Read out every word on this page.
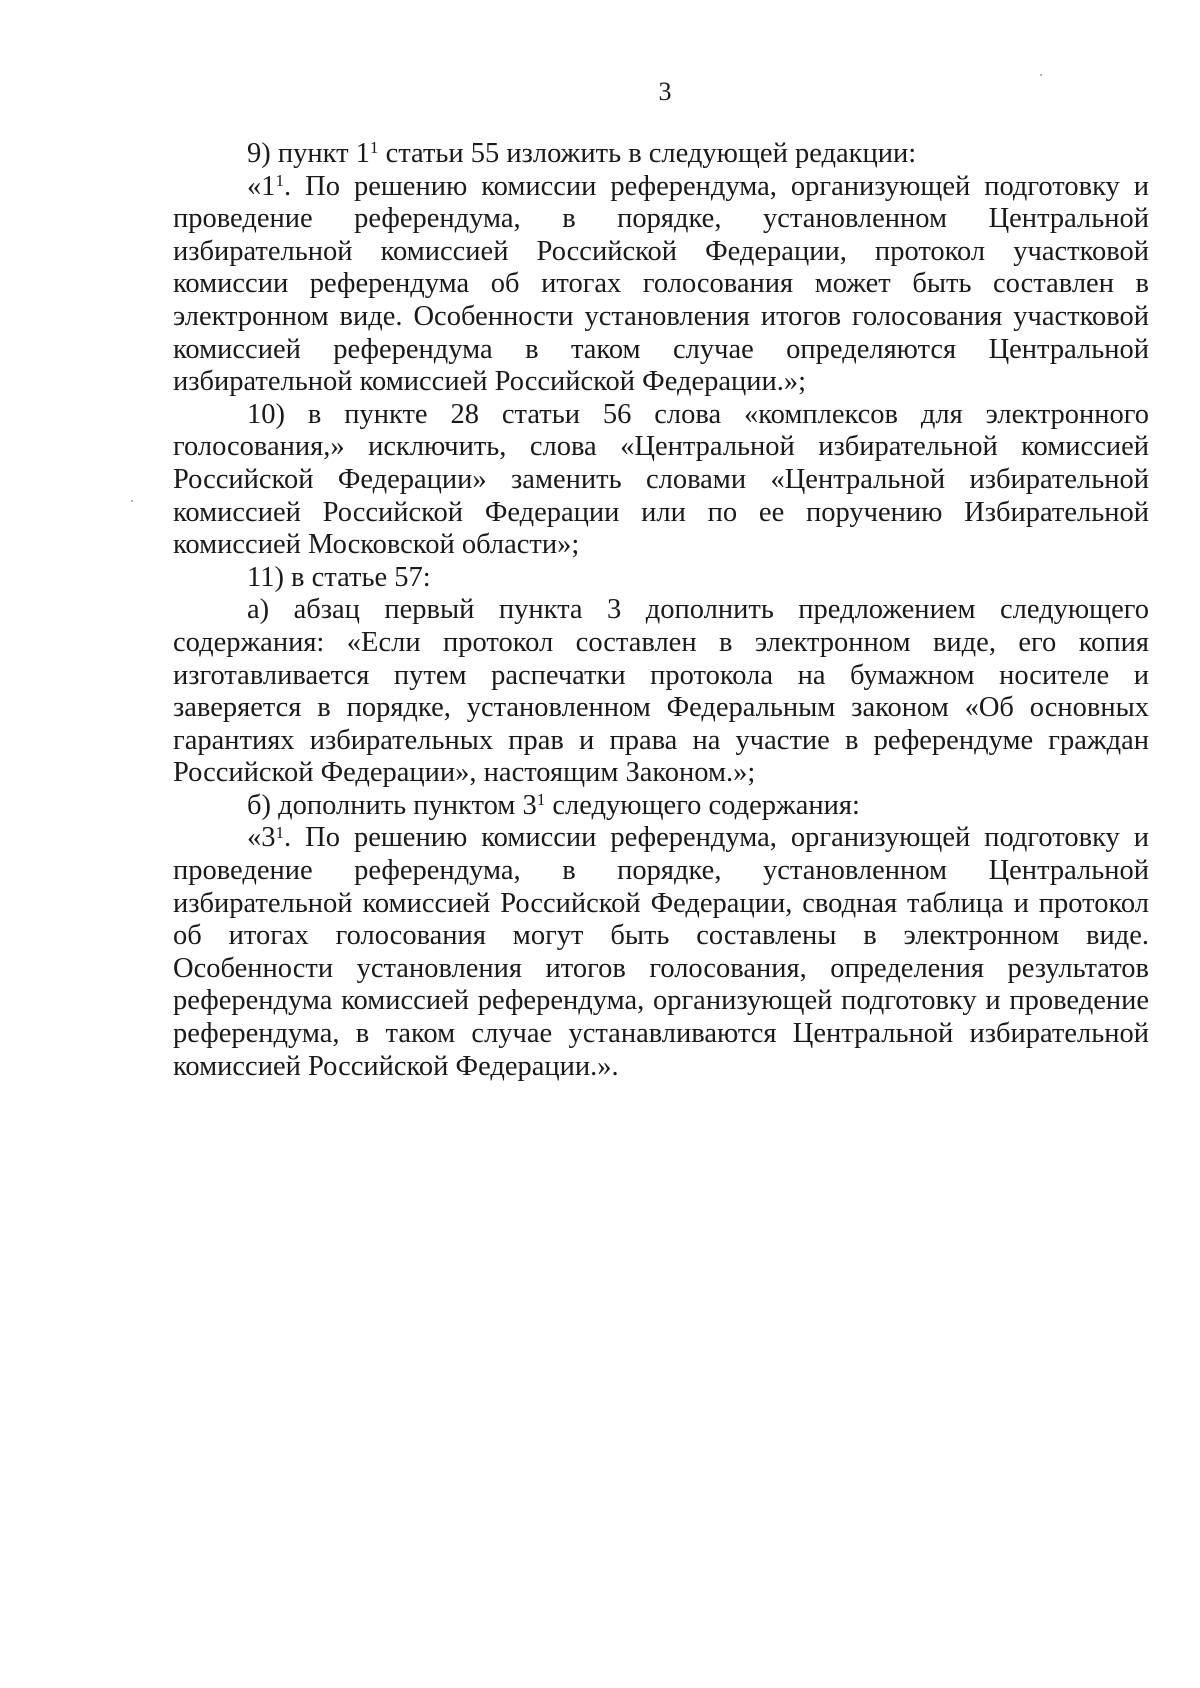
3

9) пункт $1^1$ статьи 55 изложить в следующей редакции:

«$1^1$. По решению комиссии референдума, организующей подготовку и проведение референдума, в порядке, установленном Центральной избирательной комиссией Российской Федерации, протокол участковой комиссии референдума об итогах голосования может быть составлен в электронном виде. Особенности установления итогов голосования участковой комиссией референдума в таком случае определяются Центральной избирательной комиссией Российской Федерации.»;

10) в пункте 28 статьи 56 слова «комплексов для электронного голосования,» исключить, слова «Центральной избирательной комиссией Российской Федерации» заменить словами «Центральной избирательной комиссией Российской Федерации или по ее поручению Избирательной комиссией Московской области»;

11) в статье 57:

а) абзац первый пункта 3 дополнить предложением следующего содержания: «Если протокол составлен в электронном виде, его копия изготавливается путем распечатки протокола на бумажном носителе и заверяется в порядке, установленном Федеральным законом «Об основных гарантиях избирательных прав и права на участие в референдуме граждан Российской Федерации», настоящим Законом.»;

б) дополнить пунктом $3^1$ следующего содержания:

«$3^1$. По решению комиссии референдума, организующей подготовку и проведение референдума, в порядке, установленном Центральной избирательной комиссией Российской Федерации, сводная таблица и протокол об итогах голосования могут быть составлены в электронном виде. Особенности установления итогов голосования, определения результатов референдума комиссией референдума, организующей подготовку и проведение референдума, в таком случае устанавливаются Центральной избирательной комиссией Российской Федерации.».
